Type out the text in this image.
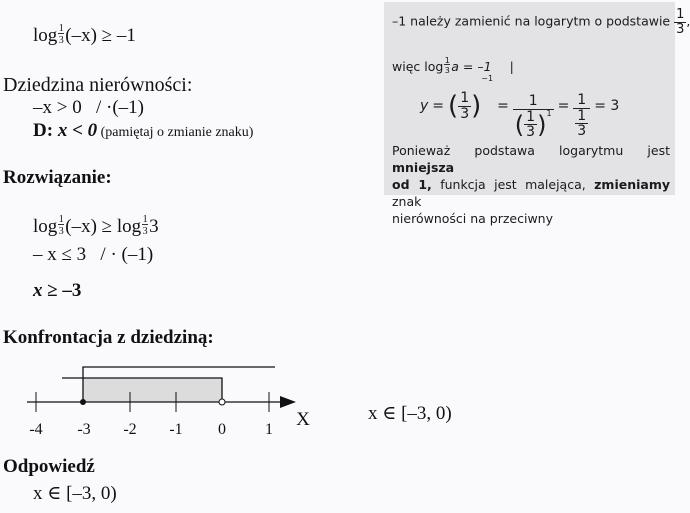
$\log \frac{1}{3} (-x) \ge -1$
Dziedzina nierówności:
–x > 0   / ·(–1)
D: x < 0 (pamiętaj o zmianie znaku)
Rozwiązanie:
$\log \frac{1}{3} (-x) \ge \log \frac{1}{3} 3$
– x ≤ 3   / · (–1)
x ≥ –3
–1 należy zamienić na logarytm o podstawie $\frac{1}{3}$ ,
więc $\log \frac{1}{3}$ a = –1 |
y = ( $\frac{1}{3}$ )
−1
= $\frac{1}{( \frac{1}{3} ) 1} = \frac{1}{\frac{1}{3}} = 3$
Ponieważ podstawa logarytmu jest mniejsza
od 1, funkcja jest malejąca, zmieniamy znak
nierówności na przeciwny
Konfrontacja z dziedziną:
-4 -3 -2 -1 0 1 X	x ∈ [–3, 0)
Odpowiedź
x ∈ [–3, 0)
